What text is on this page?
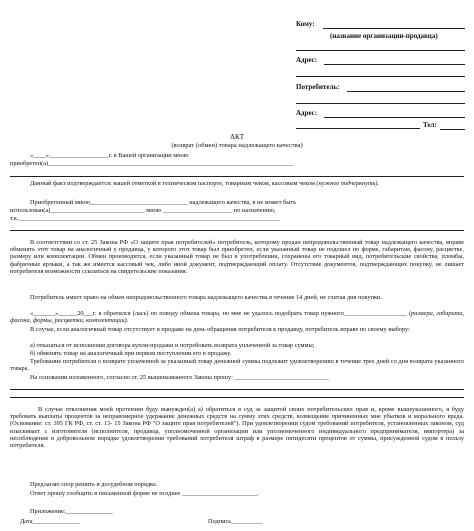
Кому:
(название организации-продавца)
Адрес:
Потребитель:
Адрес:
Тел:
АКТ
(возврат (обмен) товара надлежащего качества)
«____»___________________г. в Вашей организации мною
приобретен(а)______________________________________________________________________________
Данный факт подтверждается: вашей отметкой в техническом паспорте, товарным чеком, кассовым чеком (нужное подчеркнуть).
Приобретенный мною_______________________________ надлежащего качества, в не может быть
использован(а)______________________________ мною ______________________ по назначению,
т.к.___________________________________________________________________________________
В соответствии со ст. 25 Закона РФ «О защите прав потребителей» потребитель, которому продан непродовольственный товар надлежащего качества, вправе обменять этот товар на аналогичный у продавца, у которого этот товар был приобретен, если указанный товар не подошел по форме, габаритам, фасону, расцветке, размеру или комплектации. Обмен производится, если указанный товар не был в употреблении, сохранены его товарный вид, потребительские свойства, пломбы, фабричные ярлыки, а так же имеется кассовый чек, либо иной документ, подтверждающий оплату. Отсутствие документов, подтверждающих покупку, не лишает потребителя возможности ссылаться на свидетельские показания.
Потребитель имеет право на обмен непродовольственного товара надлежащего качества в течение 14 дней, не считая дня покупки.
«_______»______20___г. я обратился (лась) по поводу обмена товара, но мне не удалось подобрать товар нужного____________________ (размера, габарита, фасона, формы, расцветки, комплектации).
В случае, если аналогичный товар отсутствует в продаже на день обращения потребителя к продавцу, потребитель вправе по своему выбору:
а) отказаться от исполнения договора купли-продажи и потребовать возврата уплаченной за товар суммы;
б) обменять товар на аналогичный при первом поступлении его в продажу.
Требование потребителя о возврате уплаченной за указанный товар денежной суммы подлежит удовлетворению в течение трех дней со дня возврата указанного товара.
На основании изложенного, согласно ст. 25 вышеназванного Закона прошу: ______________________________
В случае отклонения моей претензии буду вынужден(а) а) обратиться в суд за защитой своих потребительских прав и, кроме вышеуказанного, я буду требовать выплаты процентов за неправомерное удержание денежных средств на сумму этих средств, возмещение причиненных мне убытков и морального вреда. (Основание: ст. 395 ГК РФ, ст. ст. 13- 15 Закона РФ "О защите прав потребителей"). При удовлетворении судом требований потребителя, установленных законом, суд взыскивает с изготовителя (исполнителя, продавца, уполномоченной организации или уполномоченного индивидуального предпринимателя, импортера) за несоблюдение в добровольном порядке удовлетворения требований потребителя штраф в размере пятидесяти процентов от суммы, присужденной судом в пользу потребителя.
Предлагаю спор решить в досудебном порядке.
Ответ прошу сообщить в письменной форме не позднее ________________________.
Приложение:_______________
Дата_______________	Подпись__________
